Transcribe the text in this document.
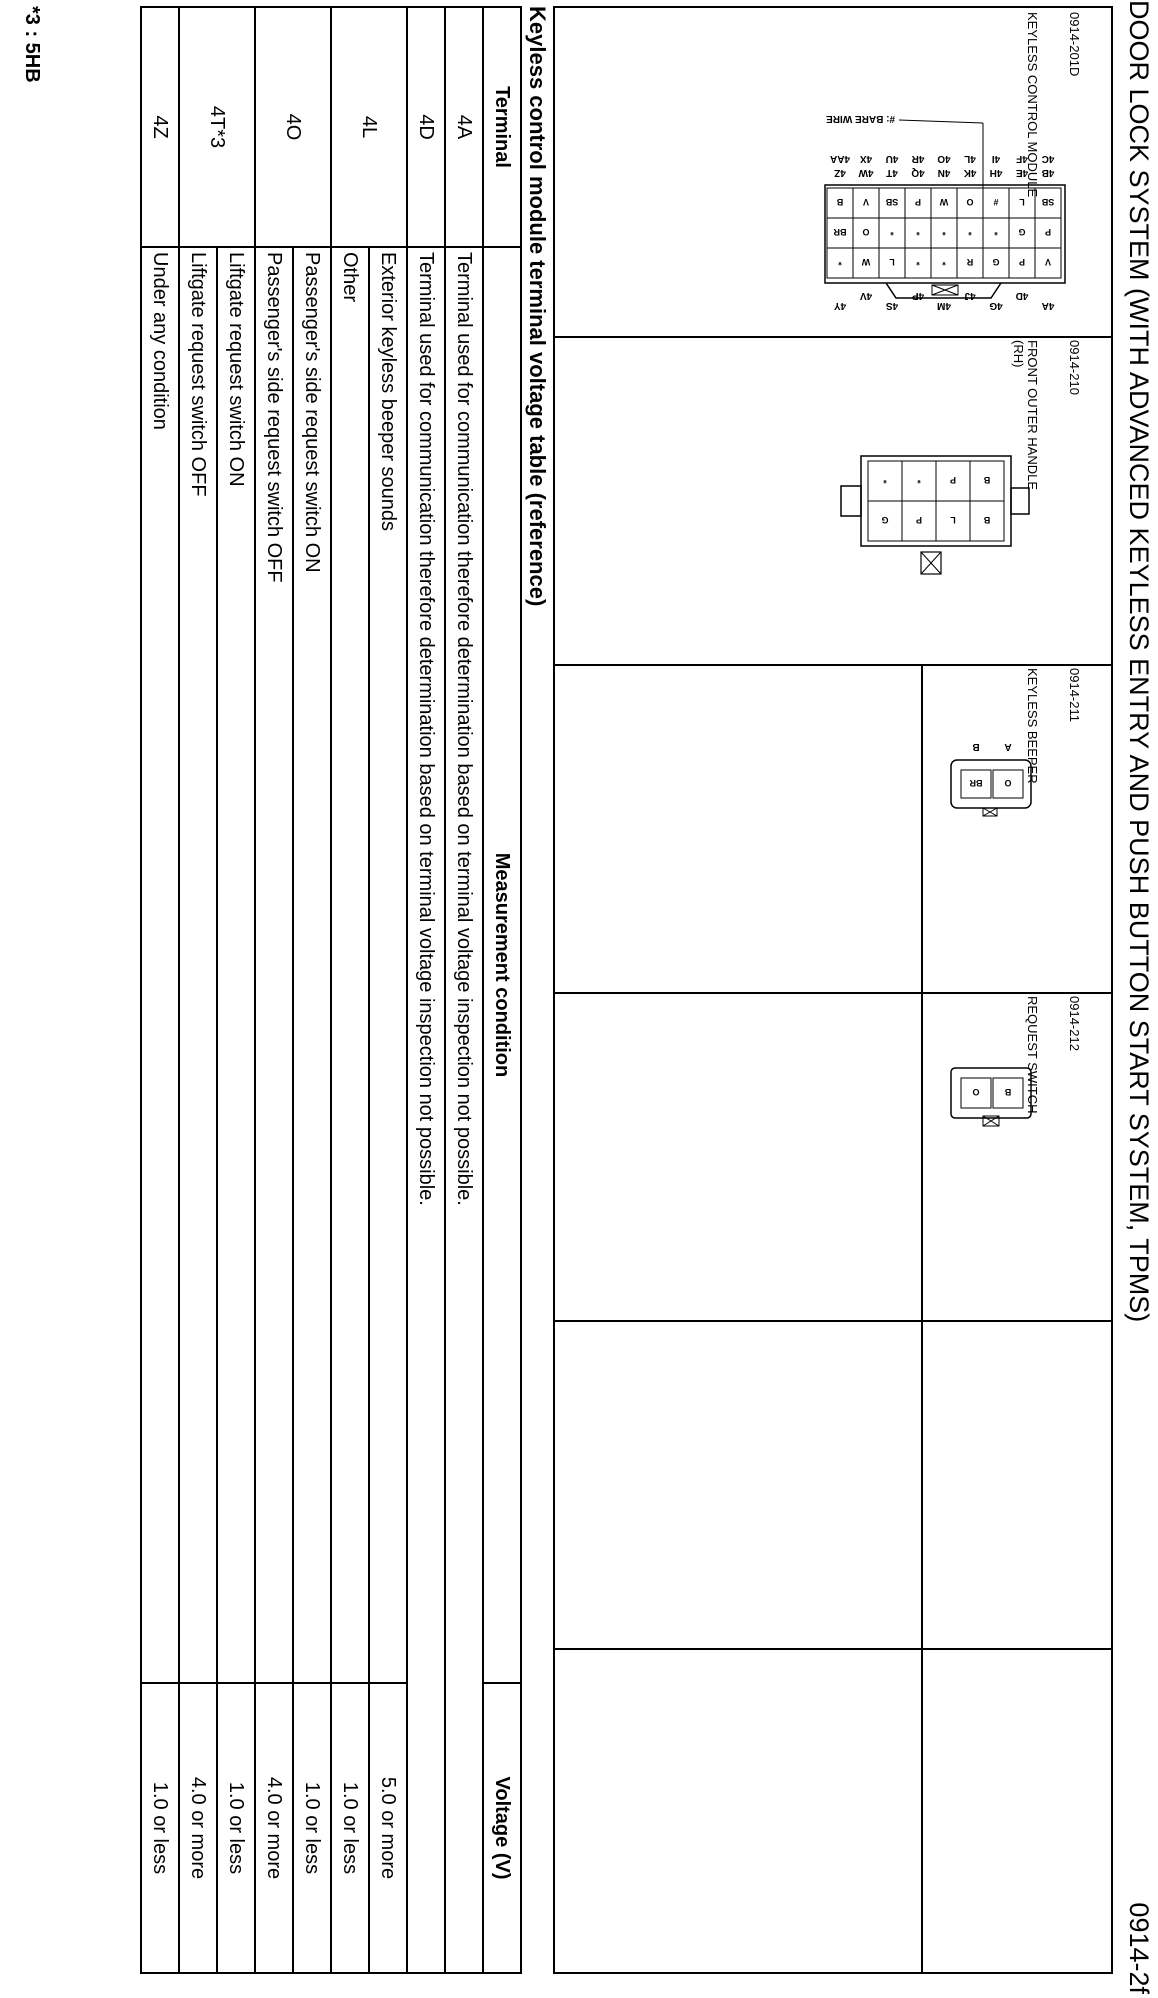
DOOR LOCK SYSTEM (WITH ADVANCED KEYLESS ENTRY AND PUSH BUTTON START SYSTEM, TPMS)
0914-2f

0914-201D

KEYLESS CONTROL MODULE

0914-210

FRONT OUTER HANDLE
(RH)

0914-211

KEYLESS BEEPER

0914-212

REQUEST SWITCH

4Y
4V
4S
4P
4M
4J
4G
4D
4A
V
P
G
R
*
*
L
W
*
P
G
*
*
*
*
*
O
BR
SB
L
#
O
W
P
SB
V
B
4B
4E
4H
4K
4N
4Q
4T
4W
4Z
4C
4F
4I
4L
4O
4R
4U
4X
4AA
#: BARE WIRE
B
L
P
G
B
P
*
*
O
BR
A
B
B
O
Keyless control module terminal voltage table (reference)
Terminal	Measurement condition	Voltage (V)
4A	Terminal used for communication therefore determination based on terminal voltage inspection not possible.	
4D	Terminal used for communication therefore determination based on terminal voltage inspection not possible.	
4L	Exterior keyless beeper sounds	5.0 or more
	Other	1.0 or less
4O	Passenger's side request switch ON	1.0 or less
	Passenger's side request switch OFF	4.0 or more
4T*3	Liftgate request switch ON	1.0 or less
	Liftgate request switch OFF	4.0 or more
4Z	Under any condition	1.0 or less
*3 : 5HB
